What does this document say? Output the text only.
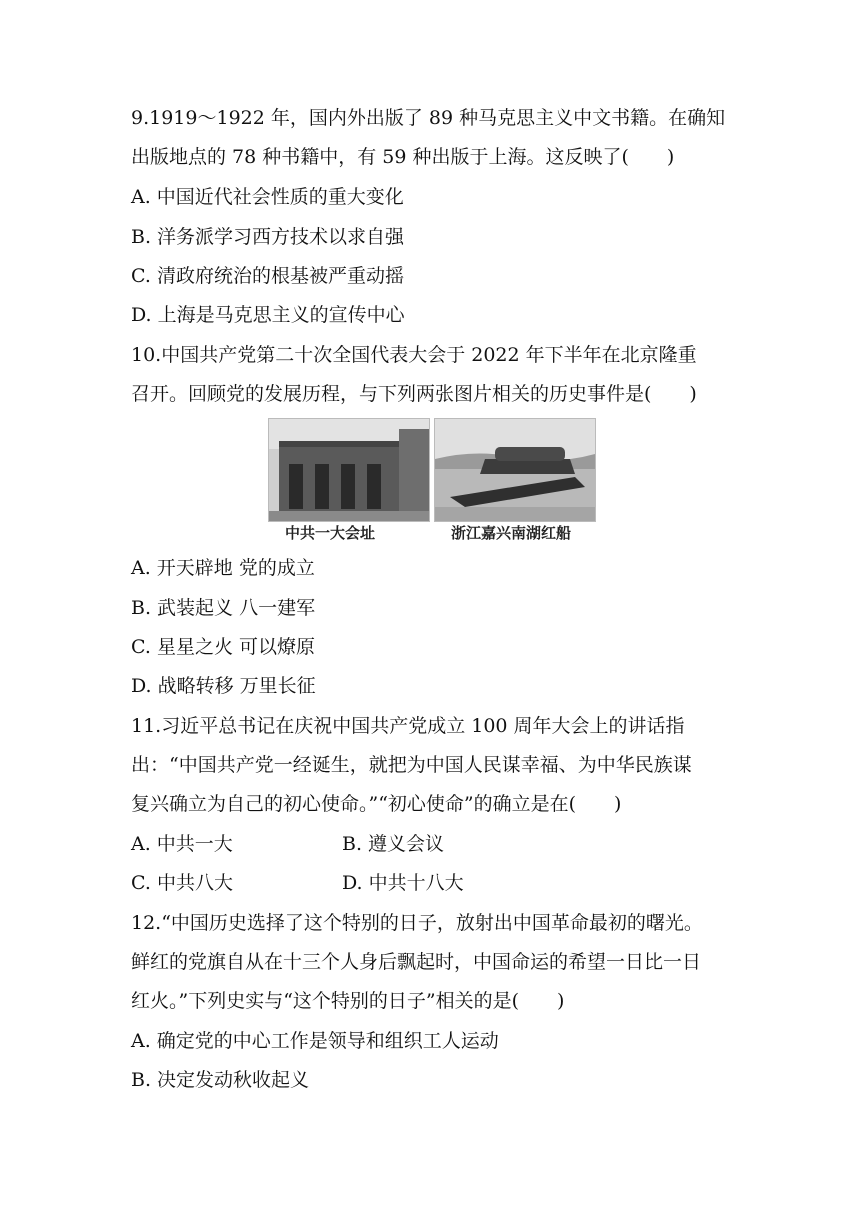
9.1919～1922 年，国内外出版了 89 种马克思主义中文书籍。在确知
出版地点的 78 种书籍中，有 59 种出版于上海。这反映了(　　)
A. 中国近代社会性质的重大变化
B. 洋务派学习西方技术以求自强
C. 清政府统治的根基被严重动摇
D. 上海是马克思主义的宣传中心
10.中国共产党第二十次全国代表大会于 2022 年下半年在北京隆重
召开。回顾党的发展历程，与下列两张图片相关的历史事件是(　　)
中共一大会址	浙江嘉兴南湖红船
A. 开天辟地 党的成立
B. 武装起义 八一建军
C. 星星之火 可以燎原
D. 战略转移 万里长征
11.习近平总书记在庆祝中国共产党成立 100 周年大会上的讲话指
出：“中国共产党一经诞生，就把为中国人民谋幸福、为中华民族谋
复兴确立为自己的初心使命。”“初心使命”的确立是在(　　)
A. 中共一大	B. 遵义会议
C. 中共八大	D. 中共十八大
12.“中国历史选择了这个特别的日子，放射出中国革命最初的曙光。
鲜红的党旗自从在十三个人身后飘起时，中国命运的希望一日比一日
红火。”下列史实与“这个特别的日子”相关的是(　　)
A. 确定党的中心工作是领导和组织工人运动
B. 决定发动秋收起义
